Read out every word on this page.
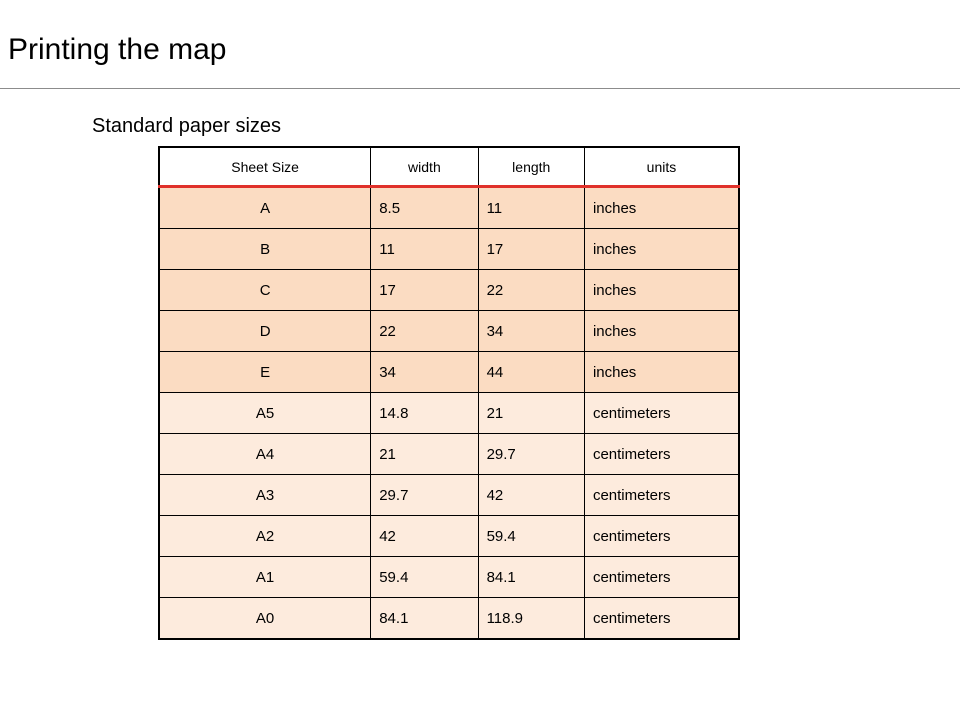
Printing the map
Standard paper sizes
Sheet Size	width	length	units
A	8.5	11	inches
B	11	17	inches
C	17	22	inches
D	22	34	inches
E	34	44	inches
A5	14.8	21	centimeters
A4	21	29.7	centimeters
A3	29.7	42	centimeters
A2	42	59.4	centimeters
A1	59.4	84.1	centimeters
A0	84.1	118.9	centimeters
